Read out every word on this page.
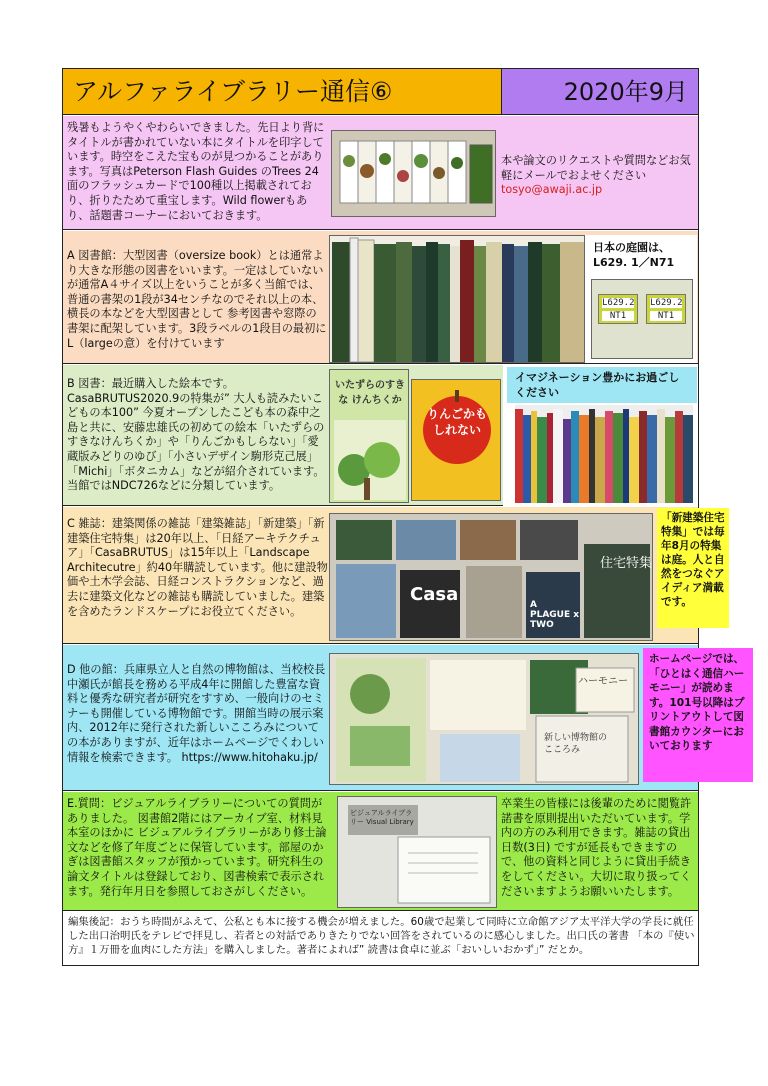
アルファライブラリー通信⑥	2020年9月
残暑もようやくやわらいできました。先日より背にタイトルが書かれていない本にタイトルを印字しています。時空をこえた宝ものが見つかることがあります。写真はPeterson Flash Guides のTrees 24面のフラッシュカードで100種以上掲載されており、折りたためて重宝します。Wild flowerもあり、話題書コーナーにおいておきます。
本や論文のリクエストや質問などお気軽にメールでおよせください
tosyo@awaji.ac.jp
A 図書館：大型図書（oversize book）とは通常より大きな形態の図書をいいます。一定はしていないが通常A４サイズ以上をいうことが多く当館では、普通の書架の1段が34センチなのでそれ以上の本、横長の本などを大型図書として 参考図書や窓際の書架に配架しています。3段ラベルの1段目の最初にL（largeの意）を付けています
日本の庭園は、L629. 1／N71
L629.2
NT1
L629.2
NT1
B 図書：最近購入した絵本です。CasaBRUTUS2020.9の特集が” 大人も読みたいこどもの本100” 今夏オープンしたこども本の森中之島と共に、安藤忠雄氏の初めての絵本「いたずらのすきなけんちくか」や「りんごかもしらない」「愛蔵版みどりのゆび」「小さいデザイン駒形克己展」「Michi」「ボタニカム」などが紹介されています。当館ではNDC726などに分類しています。
いたずらのすきな けんちくか
りんごかもしれない
イマジネーション豊かにお過ごしください
C 雑誌：建築関係の雑誌「建築雑誌」「新建築」「新建築住宅特集」は20年以上、「日経アーキテクチュア」「CasaBRUTUS」は15年以上「Landscape Architecutre」約40年購読しています。他に建設物価や土木学会誌、日経コンストラクションなど、過去に建築文化などの雑誌も購読していました。建築を含めたランドスケープにお役立てください。
住宅特集
Casa	A PLAGUE x TWO
「新建築住宅特集」では毎年8月の特集は庭。人と自然をつなぐアイディア満載です。
D 他の館：兵庫県立人と自然の博物館は、当校校長中瀬氏が館長を務める平成4年に開館した豊富な資料と優秀な研究者が研究をすすめ、一般向けのセミナーも開催している博物館です。開館当時の展示案内、2012年に発行された新しいこころみについての本がありますが、近年はホームページでくわしい情報を検索できます。 https://www.hitohaku.jp/
ハーモニー
新しい博物館のこころみ
ホームページでは、「ひとはく通信ハーモニー」が読めます。101号以降はプリントアウトして図書館カウンターにおいております
E.質問：ビジュアルライブラリーについての質問がありました。 図書館2階にはアーカイブ室、材料見本室のほかに ビジュアルライブラリーがあり修士論文などを修了年度ごとに保管しています。部屋のかぎは図書館スタッフが預かっています。研究科生の論文タイトルは登録しており、図書検索で表示されます。発行年月日を参照しておさがしください。
ビジュアルライブラリー Visual Library
卒業生の皆様には後輩のために閲覧許諾書を原則提出いただいています。学内の方のみ利用できます。雑誌の貸出日数(3日) ですが延長もできますので、他の資料と同じように貸出手続きをしてください。大切に取り扱ってくださいますようお願いいたします。
編集後記：おうち時間がふえて、公私とも本に接する機会が増えました。60歳で起業して同時に立命館アジア太平洋大学の学長に就任した出口治明氏をテレビで拝見し、若者との対話でありきたりでない回答をされているのに感心しました。出口氏の著書 「本の『使い方』１万冊を血肉にした方法」を購入しました。著者によれば” 読書は食卓に並ぶ「おいしいおかず」” だとか。
